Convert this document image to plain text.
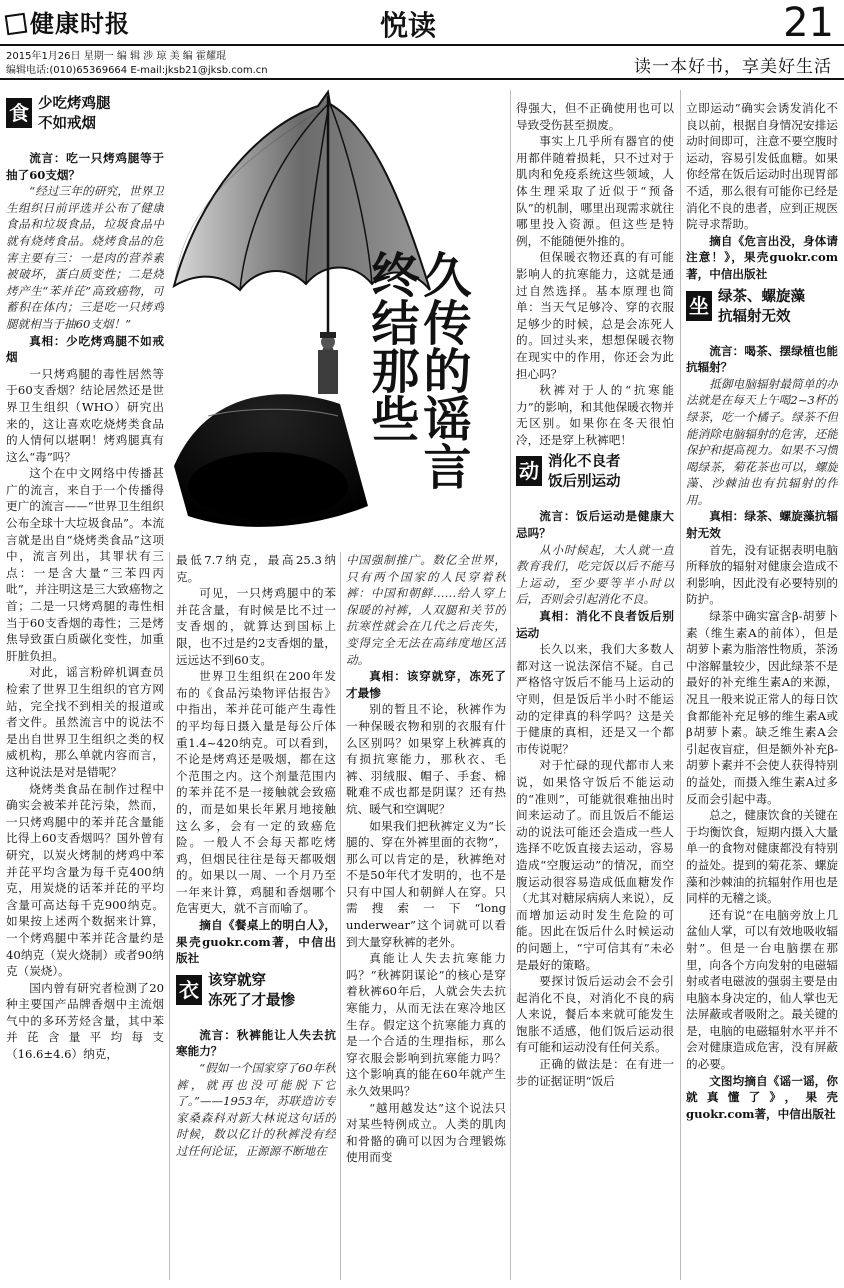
健康时报	悦读	21
2015年1月26日 星期一 编 辑 涉 琼 美 编 霍耀琨
编辑电话:(010)65369664 E-mail:jksb21@jksb.com.cn	读一本好书，享美好生活
久传的谣言
终结那些
食 少吃烤鸡腿
不如戒烟

流言：吃一只烤鸡腿等于抽了60支烟？

“经过三年的研究，世界卫生组织日前评选并公布了健康食品和垃圾食品，垃圾食品中就有烧烤食品。烧烤食品的危害主要有三：一是肉的营养素被破坏，蛋白质变性；二是烧烤产生“苯并芘”高致癌物，可蓄积在体内；三是吃一只烤鸡腿就相当于抽60支烟！”

真相：少吃烤鸡腿不如戒烟

一只烤鸡腿的毒性居然等于60支香烟？结论居然还是世界卫生组织（WHO）研究出来的，这让喜欢吃烧烤类食品的人情何以堪啊！烤鸡腿真有这么“毒”吗？

这个在中文网络中传播甚广的流言，来自于一个传播得更广的流言——“世界卫生组织公布全球十大垃圾食品”。本流言就是出自“烧烤类食品”这项中，流言列出，其罪状有三点：一是含大量“三苯四丙吡”，并注明这是三大致癌物之首；二是一只烤鸡腿的毒性相当于60支香烟的毒性；三是烤焦导致蛋白质碳化变性，加重肝脏负担。

对此，谣言粉碎机调查员检索了世界卫生组织的官方网站，完全找不到相关的报道或者文件。虽然流言中的说法不是出自世界卫生组织之类的权威机构，那么单就内容而言，这种说法是对是错呢？

烧烤类食品在制作过程中确实会被苯并芘污染，然而，一只烤鸡腿中的苯并芘含量能比得上60支香烟吗？国外曾有研究，以炭火烤制的烤鸡中苯并芘平均含量为每千克400纳克，用炭烧的话苯并芘的平均含量可高达每千克900纳克。如果按上述两个数据来计算，一个烤鸡腿中苯并芘含量约是40纳克（炭火烧制）或者90纳克（炭烧）。

国内曾有研究者检测了20种主要国产品牌香烟中主流烟气中的多环芳烃含量，其中苯并芘含量平均每支（16.6±4.6）纳克，

最低7.7纳克，最高25.3纳克。

可见，一只烤鸡腿中的苯并芘含量，有时候是比不过一支香烟的，就算达到国标上限，也不过是约2支香烟的量，远远达不到60支。

世界卫生组织在200年发布的《食品污染物评估报告》中指出，苯并芘可能产生毒性的平均每日摄入量是每公斤体重1.4~420纳克。可以看到，不论是烤鸡还是吸烟，都在这个范围之内。这个剂量范围内的苯并芘不是一接触就会致癌的，而是如果长年累月地接触这么多，会有一定的致癌危险。一般人不会每天都吃烤鸡，但烟民往往是每天都吸烟的。如果以一周、一个月乃至一年来计算，鸡腿和香烟哪个危害更大，就不言而喻了。

摘自《餐桌上的明白人》，果壳guokr.com著，中信出版社

衣 该穿就穿
冻死了才最惨

流言：秋裤能让人失去抗寒能力？

“假如一个国家穿了60年秋裤，就再也没可能脱下它了。”——1953年，苏联造访专家桑森科对新大林说这句话的时候，数以亿计的秋裤没有经过任何论证，正源源不断地在

中国强制推广。数亿全世界，只有两个国家的人民穿着秋裤：中国和朝鲜……给人穿上保暖的衬裤，人双腿和关节的抗寒性就会在几代之后丧失，变得完全无法在高纬度地区活动。

真相：该穿就穿，冻死了才最惨

别的暂且不论，秋裤作为一种保暖衣物和别的衣服有什么区别吗？如果穿上秋裤真的有损抗寒能力，那秋衣、毛裤、羽绒服、帽子、手套、棉靴难不成也都是阴谋？还有热炕、暖气和空调呢？

如果我们把秋裤定义为“长腿的、穿在外裤里面的衣物”，那么可以肯定的是，秋裤绝对不是50年代才发明的，也不是只有中国人和朝鲜人在穿。只需搜索一下“long underwear”这个词就可以看到大量穿秋裤的老外。

真能让人失去抗寒能力吗？“秋裤阴谋论”的核心是穿着秋裤60年后，人就会失去抗寒能力，从而无法在寒冷地区生存。假定这个抗寒能力真的是一个合适的生理指标，那么穿衣服会影响到抗寒能力吗？这个影响真的能在60年就产生永久效果吗？

“越用越发达”这个说法只对某些特例成立。人类的肌肉和骨骼的确可以因为合理锻炼使用而变

得强大，但不正确使用也可以导致受伤甚至损废。

事实上几乎所有器官的使用都伴随着损耗，只不过对于肌肉和免疫系统这些领域，人体生理采取了近似于“预备队”的机制，哪里出现需求就往哪里投入资源。但这些是特例，不能随便外推的。

但保暖衣物还真的有可能影响人的抗寒能力，这就是通过自然选择。基本原理也简单：当天气足够冷、穿的衣服足够少的时候，总是会冻死人的。回过头来，想想保暖衣物在现实中的作用，你还会为此担心吗？

秋裤对于人的“抗寒能力”的影响，和其他保暖衣物并无区别。如果你在冬天很怕冷，还是穿上秋裤吧！

动 消化不良者
饭后别运动

流言：饭后运动是健康大忌吗？

从小时候起，大人就一直教育我们，吃完饭以后不能马上运动，至少要等半小时以后，否则会引起消化不良。

真相：消化不良者饭后别运动

长久以来，我们大多数人都对这一说法深信不疑。自己严格恪守饭后不能马上运动的守则，但是饭后半小时不能运动的定律真的科学吗？这是关于健康的真相，还是又一个都市传说呢？

对于忙碌的现代都市人来说，如果恪守饭后不能运动的“准则”，可能就很难抽出时间来运动了。而且饭后不能运动的说法可能还会造成一些人选择不吃饭直接去运动，容易造成“空腹运动”的情况，而空腹运动很容易造成低血糖发作（尤其对糖尿病病人来说），反而增加运动时发生危险的可能。因此在饭后什么时候运动的问题上，“宁可信其有”未必是最好的策略。

要探讨饭后运动会不会引起消化不良，对消化不良的病人来说，餐后本来就可能发生饱胀不适感，他们饭后运动很有可能和运动没有任何关系。

正确的做法是：在有进一步的证据证明“饭后

立即运动”确实会诱发消化不良以前，根据自身情况安排运动时间即可，注意不要空腹时运动，容易引发低血糖。如果你经常在饭后运动时出现胃部不适，那么很有可能你已经是消化不良的患者，应到正规医院寻求帮助。

摘自《危言出没，身体请注意！》，果壳guokr.com著，中信出版社

坐 绿茶、螺旋藻
抗辐射无效

流言：喝茶、摆绿植也能抗辐射？

抵御电脑辐射最简单的办法就是在每天上午喝2~3杯的绿茶，吃一个橘子。绿茶不但能消除电脑辐射的危害，还能保护和提高视力。如果不习惯喝绿茶，菊花茶也可以，螺旋藻、沙棘油也有抗辐射的作用。

真相：绿茶、螺旋藻抗辐射无效

首先，没有证据表明电脑所释放的辐射对健康会造成不利影响，因此没有必要特别的防护。

绿茶中确实富含β-胡萝卜素（维生素A的前体），但是胡萝卜素为脂溶性物质，茶汤中溶解量较少，因此绿茶不是最好的补充维生素A的来源，况且一般来说正常人的每日饮食都能补充足够的维生素A或β胡萝卜素。缺乏维生素A会引起夜盲症，但是额外补充β-胡萝卜素并不会使人获得特别的益处，而摄入维生素A过多反而会引起中毒。

总之，健康饮食的关键在于均衡饮食，短期内摄入大量单一的食物对健康都没有特别的益处。提到的菊花茶、螺旋藻和沙棘油的抗辐射作用也是同样的无稽之谈。

还有说“在电脑旁放上几盆仙人掌，可以有效地吸收辐射”。但是一台电脑摆在那里，向各个方向发射的电磁辐射或者电磁波的强弱主要是由电脑本身决定的，仙人掌也无法屏蔽或者吸附之。最关键的是，电脑的电磁辐射水平并不会对健康造成危害，没有屏蔽的必要。

文图均摘自《谣一谣，你就真懂了》，果壳guokr.com著，中信出版社
